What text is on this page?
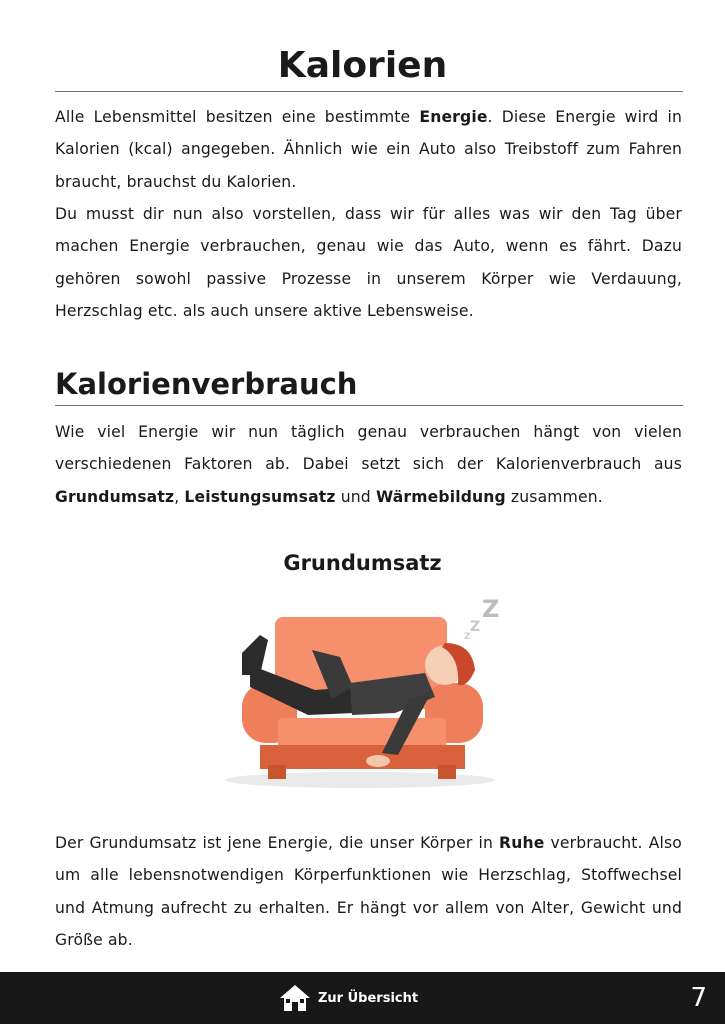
Kalorien

Alle Lebensmittel besitzen eine bestimmte Energie. Diese Energie wird in Kalorien (kcal) angegeben. Ähnlich wie ein Auto also Treibstoff zum Fahren braucht, brauchst du Kalorien.

Du musst dir nun also vorstellen, dass wir für alles was wir den Tag über machen Energie verbrauchen, genau wie das Auto, wenn es fährt. Dazu gehören sowohl passive Prozesse in unserem Körper wie Verdauung, Herzschlag etc. als auch unsere aktive Lebensweise.

Kalorienverbrauch

Wie viel Energie wir nun täglich genau verbrauchen hängt von vielen verschiedenen Faktoren ab. Dabei setzt sich der Kalorienverbrauch aus Grundumsatz, Leistungsumsatz und Wärmebildung zusammen.

Grundumsatz
Z
Z
Z

Der Grundumsatz ist jene Energie, die unser Körper in Ruhe verbraucht. Also um alle lebensnotwendigen Körperfunktionen wie Herzschlag, Stoffwechsel und Atmung aufrecht zu erhalten. Er hängt vor allem von Alter, Gewicht und Größe ab.

Zur Übersicht	7
